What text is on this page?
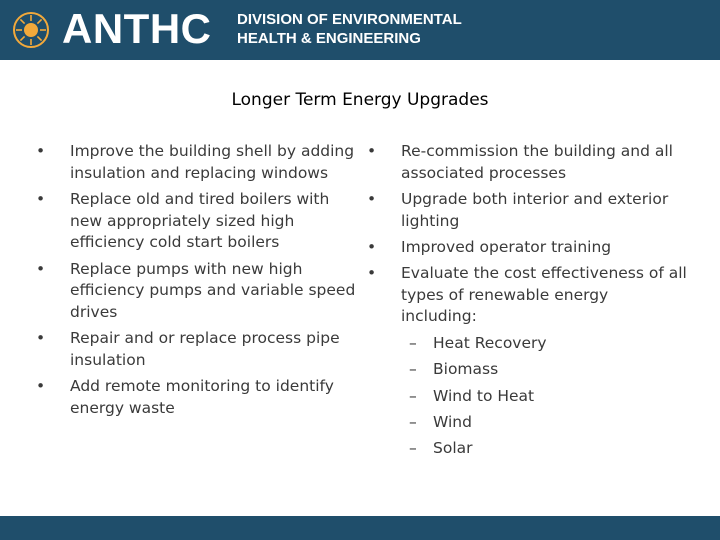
ANTHC DIVISION OF ENVIRONMENTAL
HEALTH & ENGINEERING
Longer Term Energy Upgrades
•	Improve the building shell by adding insulation and replacing windows
•	Replace old and tired boilers with new appropriately sized high efficiency cold start boilers
•	Replace pumps with new high efficiency pumps and variable speed drives
•	Repair and or replace process pipe insulation
•	Add remote monitoring to identify energy waste
•	Re-commission the building and all associated processes
•	Upgrade both interior and exterior lighting
•	Improved operator training
•	Evaluate the cost effectiveness of all types of renewable energy including:
– Heat Recovery
– Biomass
– Wind to Heat
– Wind
– Solar
